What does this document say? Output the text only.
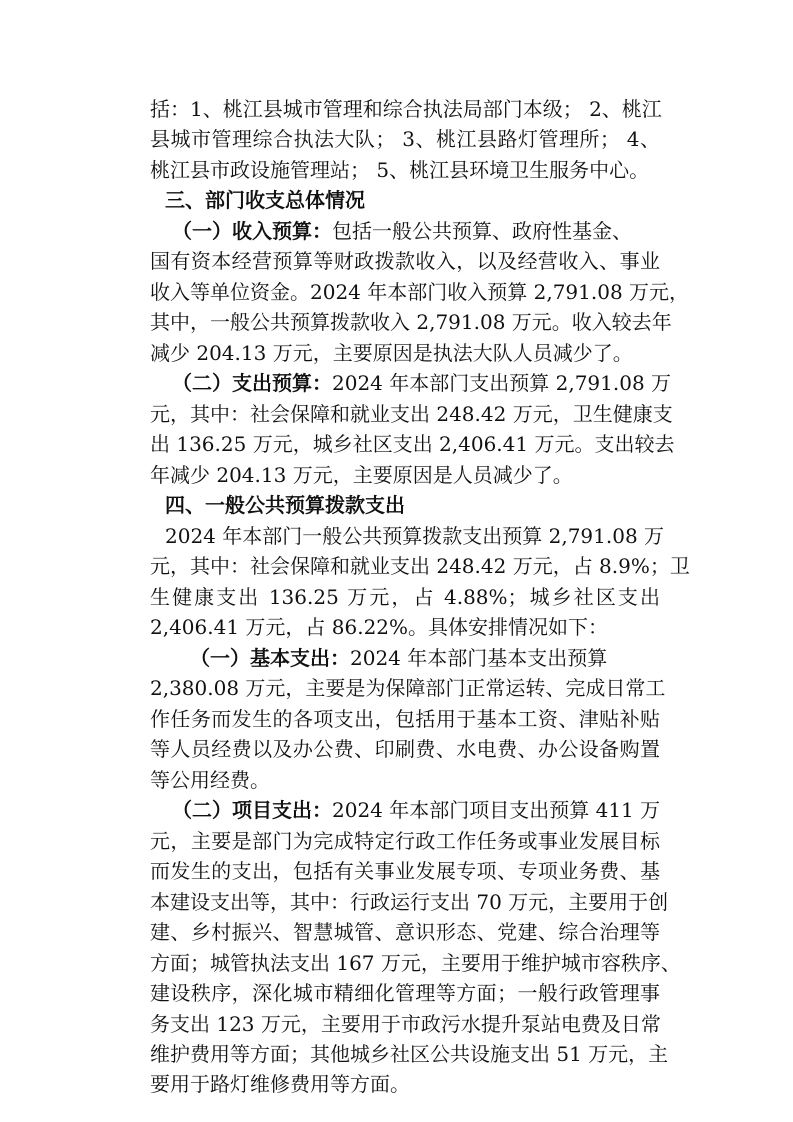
括：1、桃江县城市管理和综合执法局部门本级； 2、桃江
县城市管理综合执法大队； 3、桃江县路灯管理所； 4、
桃江县市政设施管理站； 5、桃江县环境卫生服务中心。
三、部门收支总体情况
（一）收入预算：包括一般公共预算、政府性基金、
国有资本经营预算等财政拨款收入，以及经营收入、事业
收入等单位资金。2024 年本部门收入预算 2,791.08 万元，
其中，一般公共预算拨款收入 2,791.08 万元。收入较去年
减少 204.13 万元，主要原因是执法大队人员减少了。
（二）支出预算：2024 年本部门支出预算 2,791.08 万
元，其中：社会保障和就业支出 248.42 万元，卫生健康支
出 136.25 万元，城乡社区支出 2,406.41 万元。支出较去
年减少 204.13 万元，主要原因是人员减少了。
四、一般公共预算拨款支出
2024 年本部门一般公共预算拨款支出预算 2,791.08 万
元，其中：社会保障和就业支出 248.42 万元，占 8.9%；卫
生健康支出 136.25 万元，占 4.88%；城乡社区支出
2,406.41 万元，占 86.22%。具体安排情况如下：
（一）基本支出：2024 年本部门基本支出预算
2,380.08 万元，主要是为保障部门正常运转、完成日常工
作任务而发生的各项支出，包括用于基本工资、津贴补贴
等人员经费以及办公费、印刷费、水电费、办公设备购置
等公用经费。
（二）项目支出：2024 年本部门项目支出预算 411 万
元，主要是部门为完成特定行政工作任务或事业发展目标
而发生的支出，包括有关事业发展专项、专项业务费、基
本建设支出等，其中：行政运行支出 70 万元，主要用于创
建、乡村振兴、智慧城管、意识形态、党建、综合治理等
方面；城管执法支出 167 万元，主要用于维护城市容秩序、
建设秩序，深化城市精细化管理等方面；一般行政管理事
务支出 123 万元，主要用于市政污水提升泵站电费及日常
维护费用等方面；其他城乡社区公共设施支出 51 万元，主
要用于路灯维修费用等方面。
